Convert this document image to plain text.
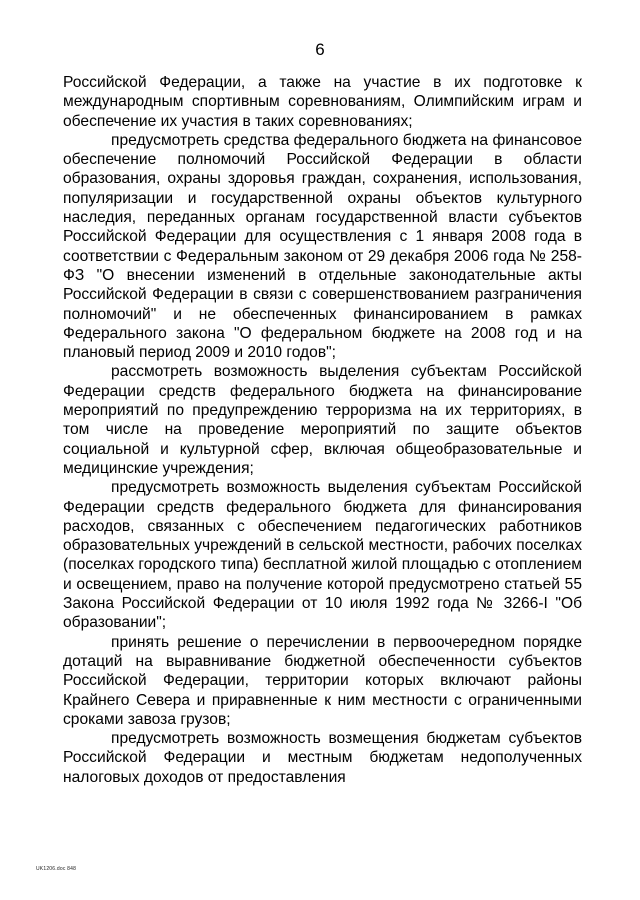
6

Российской Федерации, а также на участие в их подготовке к международным спортивным соревнованиям, Олимпийским играм и обеспечение их участия в таких соревнованиях;

предусмотреть средства федерального бюджета на финансовое обеспечение полномочий Российской Федерации в области образования, охраны здоровья граждан, сохранения, использования, популяризации и государственной охраны объектов культурного наследия, переданных органам государственной власти субъектов Российской Федерации для осуществления с 1 января 2008 года в соответствии с Федеральным законом от 29 декабря 2006 года № 258-ФЗ "О внесении изменений в отдельные законодательные акты Российской Федерации в связи с совершенствованием разграничения полномочий" и не обеспеченных финансированием в рамках Федерального закона "О федеральном бюджете на 2008 год и на плановый период 2009 и 2010 годов";

рассмотреть возможность выделения субъектам Российской Федерации средств федерального бюджета на финансирование мероприятий по предупреждению терроризма на их территориях, в том числе на проведение мероприятий по защите объектов социальной и культурной сфер, включая общеобразовательные и медицинские учреждения;

предусмотреть возможность выделения субъектам Российской Федерации средств федерального бюджета для финансирования расходов, связанных с обеспечением педагогических работников образовательных учреждений в сельской местности, рабочих поселках (поселках городского типа) бесплатной жилой площадью с отоплением и освещением, право на получение которой предусмотрено статьей 55 Закона Российской Федерации от 10 июля 1992 года № 3266-I "Об образовании";

принять решение о перечислении в первоочередном порядке дотаций на выравнивание бюджетной обеспеченности субъектов Российской Федерации, территории которых включают районы Крайнего Севера и приравненные к ним местности с ограниченными сроками завоза грузов;

предусмотреть возможность возмещения бюджетам субъектов Российской Федерации и местным бюджетам недополученных налоговых доходов от предоставления

UK1206.doc 848
